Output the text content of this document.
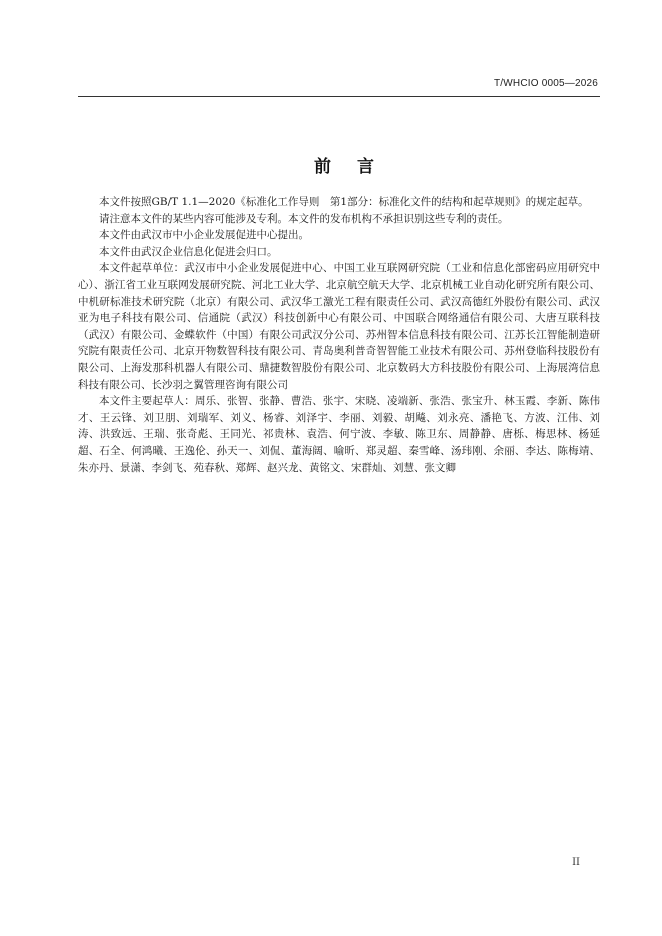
T/WHCIO 0005—2026
前言

本文件按照GB/T 1.1—2020《标准化工作导则　第1部分：标准化文件的结构和起草规则》的规定起草。

请注意本文件的某些内容可能涉及专利。本文件的发布机构不承担识别这些专利的责任。

本文件由武汉市中小企业发展促进中心提出。

本文件由武汉企业信息化促进会归口。

本文件起草单位：武汉市中小企业发展促进中心、中国工业互联网研究院（工业和信息化部密码应用研究中心）、浙江省工业互联网发展研究院、河北工业大学、北京航空航天大学、北京机械工业自动化研究所有限公司、中机研标准技术研究院（北京）有限公司、武汉华工激光工程有限责任公司、武汉高德红外股份有限公司、武汉亚为电子科技有限公司、信通院（武汉）科技创新中心有限公司、中国联合网络通信有限公司、大唐互联科技（武汉）有限公司、金蝶软件（中国）有限公司武汉分公司、苏州智本信息科技有限公司、江苏长江智能制造研究院有限责任公司、北京开物数智科技有限公司、青岛奥利普奇智智能工业技术有限公司、苏州登临科技股份有限公司、上海发那科机器人有限公司、鼎捷数智股份有限公司、北京数码大方科技股份有限公司、上海展湾信息科技有限公司、长沙羽之翼管理咨询有限公司

本文件主要起草人：周乐、张智、张静、曹浩、张宇、宋晓、凌端新、张浩、张宝升、林玉霞、李新、陈伟才、王云锋、刘卫朋、刘瑞军、刘义、杨睿、刘泽宇、李丽、刘毅、胡飚、刘永亮、潘艳飞、方波、江伟、刘涛、洪致远、王瑞、张奇彪、王同光、祁贵林、袁浩、何宁波、李敏、陈卫东、周静静、唐栎、梅思林、杨延超、石全、何鸿曦、王逸伦、孙天一、刘侃、董海阔、喻昕、郑灵超、秦雪峰、汤玮刚、余丽、李达、陈梅靖、朱亦丹、景潇、李剑飞、苑春秋、郑辉、赵兴龙、黄铭文、宋群灿、刘慧、张文卿

II
